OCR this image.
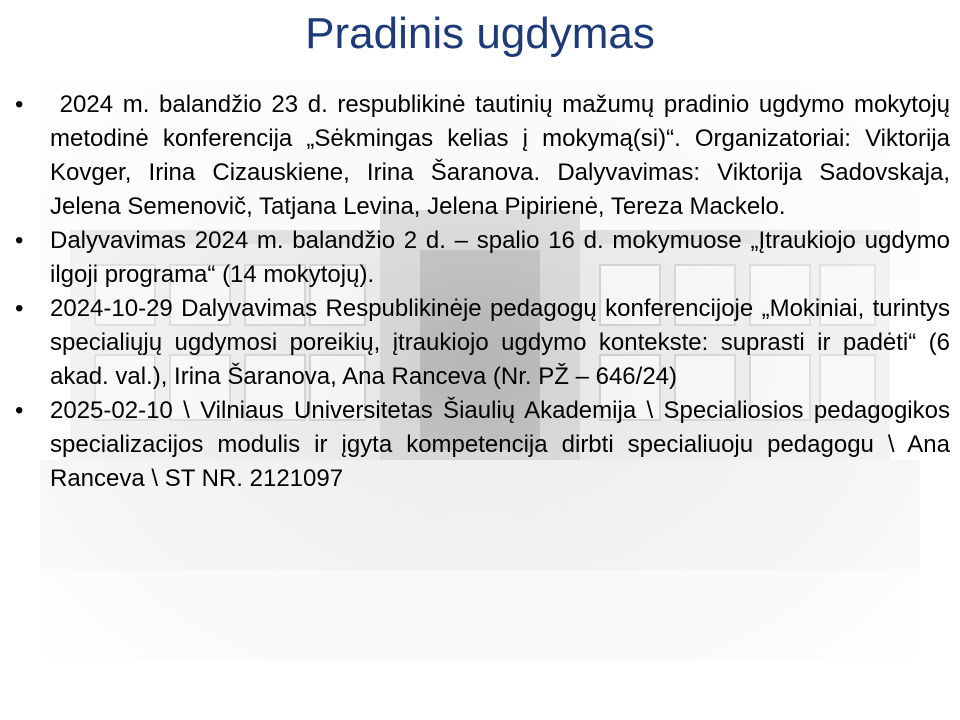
Pradinis ugdymas
• 2024 m. balandžio 23 d. respublikinė tautinių mažumų pradinio ugdymo mokytojų metodinė konferencija „Sėkmingas kelias į mokymą(si)“. Organizatoriai: Viktorija Kovger, Irina Cizauskiene, Irina Šaranova. Dalyvavimas: Viktorija Sadovskaja, Jelena Semenovič, Tatjana Levina, Jelena Pipirienė, Tereza Mackelo.
• Dalyvavimas 2024 m. balandžio 2 d. – spalio 16 d. mokymuose „Įtraukiojo ugdymo ilgoji programa“ (14 mokytojų).
• 2024-10-29 Dalyvavimas Respublikinėje pedagogų konferencijoje „Mokiniai, turintys specialiųjų ugdymosi poreikių, įtraukiojo ugdymo kontekste: suprasti ir padėti“ (6 akad. val.), Irina Šaranova, Ana Ranceva (Nr. PŽ – 646/24)
• 2025-02-10 \ Vilniaus Universitetas Šiaulių Akademija \ Specialiosios pedagogikos specializacijos modulis ir įgyta kompetencija dirbti specialiuoju pedagogu \ Ana Ranceva \ ST NR. 2121097
